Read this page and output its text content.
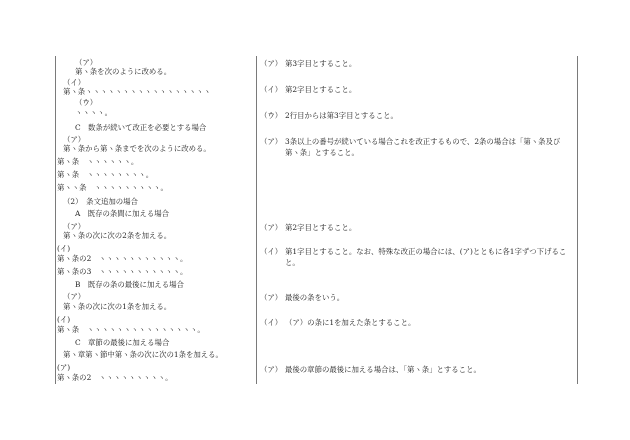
（ア）
第ヽ条を次のように改める。
（イ）
第ヽ条ヽヽヽヽヽヽヽヽヽヽヽヽヽヽヽヽヽ
（ウ）
ヽヽヽヽ。
C　数条が続いて改正を必要とする場合
（ア）
第ヽ条から第ヽ条までを次のように改める。
第ヽ条　ヽヽヽヽヽヽ。
第ヽ条　ヽヽヽヽヽヽヽヽ。
第ヽヽ条　ヽヽヽヽヽヽヽヽヽ。
（2）　条文追加の場合
A　既存の条間に加える場合
（ア）
第ヽ条の次に次の2条を加える。
(イ)
第ヽ条の2　ヽヽヽヽヽヽヽヽヽヽヽ。
第ヽ条の3　ヽヽヽヽヽヽヽヽヽヽヽ。
B　既存の条の最後に加える場合
（ア）
第ヽ条の次に次の1条を加える。
(イ)
第ヽ条　ヽヽヽヽヽヽヽヽヽヽヽヽヽヽヽ。
C　章節の最後に加える場合
第ヽ章第ヽ節中第ヽ条の次に次の1条を加える。
(ア)
第ヽ条の2　ヽヽヽヽヽヽヽヽヽ。
（ア） 第3字目とすること。
（イ） 第2字目とすること。
（ウ） 2行目からは第3字目とすること。
（ア） 3条以上の番号が続いている場合これを改正するもので、2条の場合は「第ヽ条及び第ヽ条」とすること。
（ア） 第2字目とすること。
（イ） 第1字目とすること。なお、特殊な改正の場合には、(ア)とともに各1字ずつ下げること。
（ア） 最後の条をいう。
（イ） （ア）の条に1を加えた条とすること。
（ア） 最後の章節の最後に加える場合は、「第ヽ条」とすること。
